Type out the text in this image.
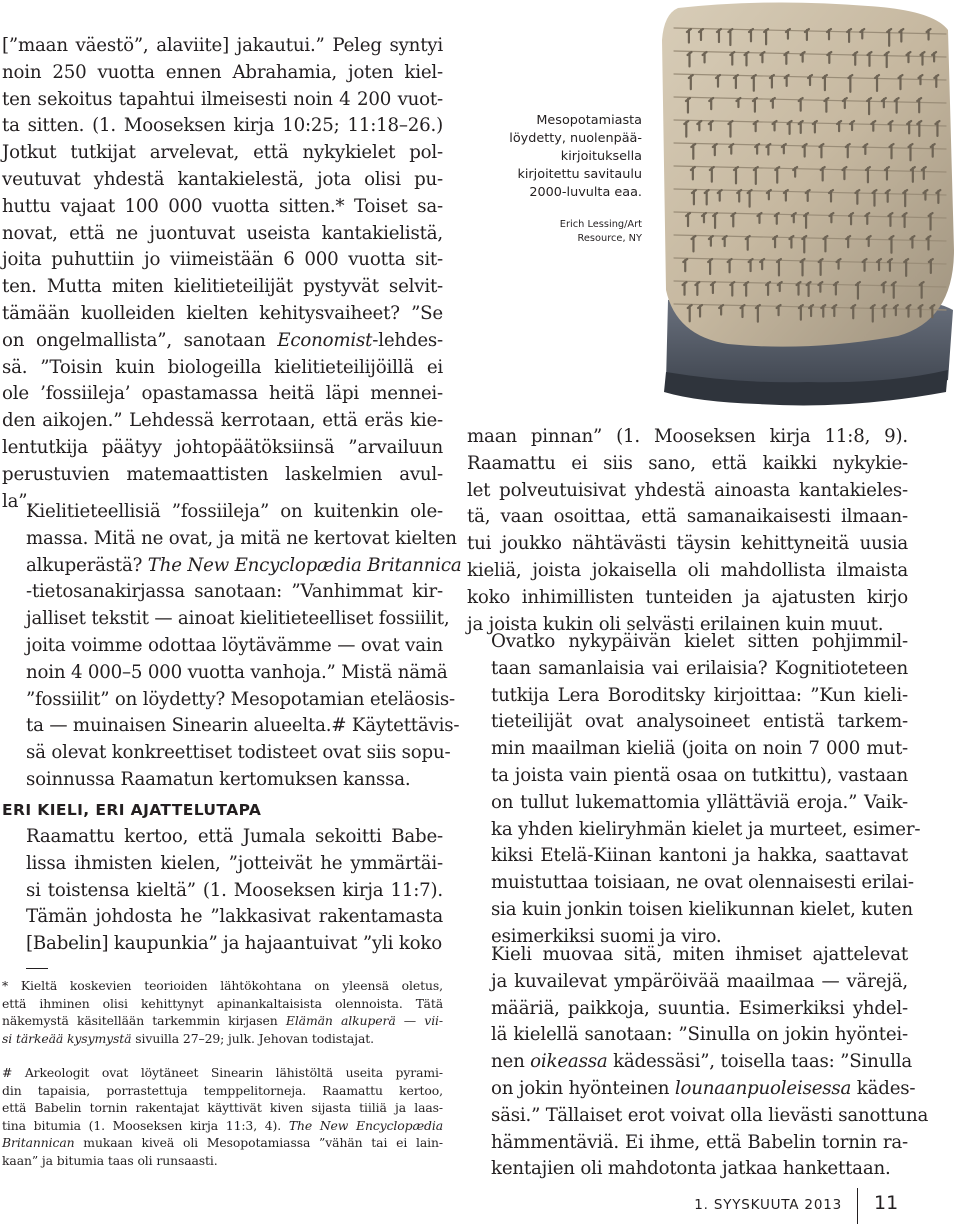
[”maan väestö”, alaviite] jakautui.” Peleg syntyi
noin 250 vuotta ennen Abrahamia, joten kiel-
ten sekoitus tapahtui ilmeisesti noin 4 200 vuot-
ta sitten. (1. Mooseksen kirja 10:25; 11:18–26.)
Jotkut tutkijat arvelevat, että nykykielet pol-
veutuvat yhdestä kantakielestä, jota olisi pu-
huttu vajaat 100 000 vuotta sitten.* Toiset sa-
novat, että ne juontuvat useista kantakielistä,
joita puhuttiin jo viimeistään 6 000 vuotta sit-
ten. Mutta miten kielitieteilijät pystyvät selvit-
tämään kuolleiden kielten kehitysvaiheet? ”Se
on ongelmallista”, sanotaan Economist-lehdes-
sä. ”Toisin kuin biologeilla kielitieteilijöillä ei
ole ’fossiileja’ opastamassa heitä läpi mennei-
den aikojen.” Lehdessä kerrotaan, että eräs kie-
lentutkija päätyy johtopäätöksiinsä ”arvailuun
perustuvien matemaattisten laskelmien avul-
la”.

Kielitieteellisiä ”fossiileja” on kuitenkin ole-
massa. Mitä ne ovat, ja mitä ne kertovat kielten
alkuperästä? The New Encyclopædia Britannica
-tietosanakirjassa sanotaan: ”Vanhimmat kir-
jalliset tekstit — ainoat kielitieteelliset fossiilit,
joita voimme odottaa löytävämme — ovat vain
noin 4 000–5 000 vuotta vanhoja.” Mistä nämä
”fossiilit” on löydetty? Mesopotamian eteläosis-
ta — muinaisen Sinearin alueelta.# Käytettävis-
sä olevat konkreettiset todisteet ovat siis sopu-
soinnussa Raamatun kertomuksen kanssa.

ERI KIELI, ERI AJATTELUTAPA

Raamattu kertoo, että Jumala sekoitti Babe-
lissa ihmisten kielen, ”jotteivät he ymmärtäi-
si toistensa kieltä” (1. Mooseksen kirja 11:7).
Tämän johdosta he ”lakkasivat rakentamasta
[Babelin] kaupunkia” ja hajaantuivat ”yli koko

* Kieltä koskevien teorioiden lähtökohtana on yleensä oletus,
että ihminen olisi kehittynyt apinankaltaisista olennoista. Tätä
näkemystä käsitellään tarkemmin kirjasen Elämän alkuperä — vii-
si tärkeää kysymystä sivuilla 27–29; julk. Jehovan todistajat.

# Arkeologit ovat löytäneet Sinearin lähistöltä useita pyrami-
din tapaisia, porrastettuja temppelitorneja. Raamattu kertoo,
että Babelin tornin rakentajat käyttivät kiven sijasta tiiliä ja laas-
tina bitumia (1. Mooseksen kirja 11:3, 4). The New Encyclopædia
Britannican mukaan kiveä oli Mesopotamiassa ”vähän tai ei lain-
kaan” ja bitumia taas oli runsaasti.

Mesopotamiasta
löydetty, nuolenpää-
kirjoituksella
kirjoitettu savitaulu
2000-luvulta eaa.

Erich Lessing/Art
Resource, NY

maan pinnan” (1. Mooseksen kirja 11:8, 9).
Raamattu ei siis sano, että kaikki nykykie-
let polveutuisivat yhdestä ainoasta kantakieles-
tä, vaan osoittaa, että samanaikaisesti ilmaan-
tui joukko nähtävästi täysin kehittyneitä uusia
kieliä, joista jokaisella oli mahdollista ilmaista
koko inhimillisten tunteiden ja ajatusten kirjo
ja joista kukin oli selvästi erilainen kuin muut.

Ovatko nykypäivän kielet sitten pohjimmil-
taan samanlaisia vai erilaisia? Kognitioteteen
tutkija Lera Boroditsky kirjoittaa: ”Kun kieli-
tieteilijät ovat analysoineet entistä tarkem-
min maailman kieliä (joita on noin 7 000 mut-
ta joista vain pientä osaa on tutkittu), vastaan
on tullut lukemattomia yllättäviä eroja.” Vaik-
ka yhden kieliryhmän kielet ja murteet, esimer-
kiksi Etelä-Kiinan kantoni ja hakka, saattavat
muistuttaa toisiaan, ne ovat olennaisesti erilai-
sia kuin jonkin toisen kielikunnan kielet, kuten
esimerkiksi suomi ja viro.

Kieli muovaa sitä, miten ihmiset ajattelevat
ja kuvailevat ympäröivää maailmaa — värejä,
määriä, paikkoja, suuntia. Esimerkiksi yhdel-
lä kielellä sanotaan: ”Sinulla on jokin hyöntei-
nen oikeassa kädessäsi”, toisella taas: ”Sinulla
on jokin hyönteinen lounaanpuoleisessa kädes-
säsi.” Tällaiset erot voivat olla lievästi sanottuna
hämmentäviä. Ei ihme, että Babelin tornin ra-
kentajien oli mahdotonta jatkaa hankettaan.

1. SYYSKUUTA 2013 11
